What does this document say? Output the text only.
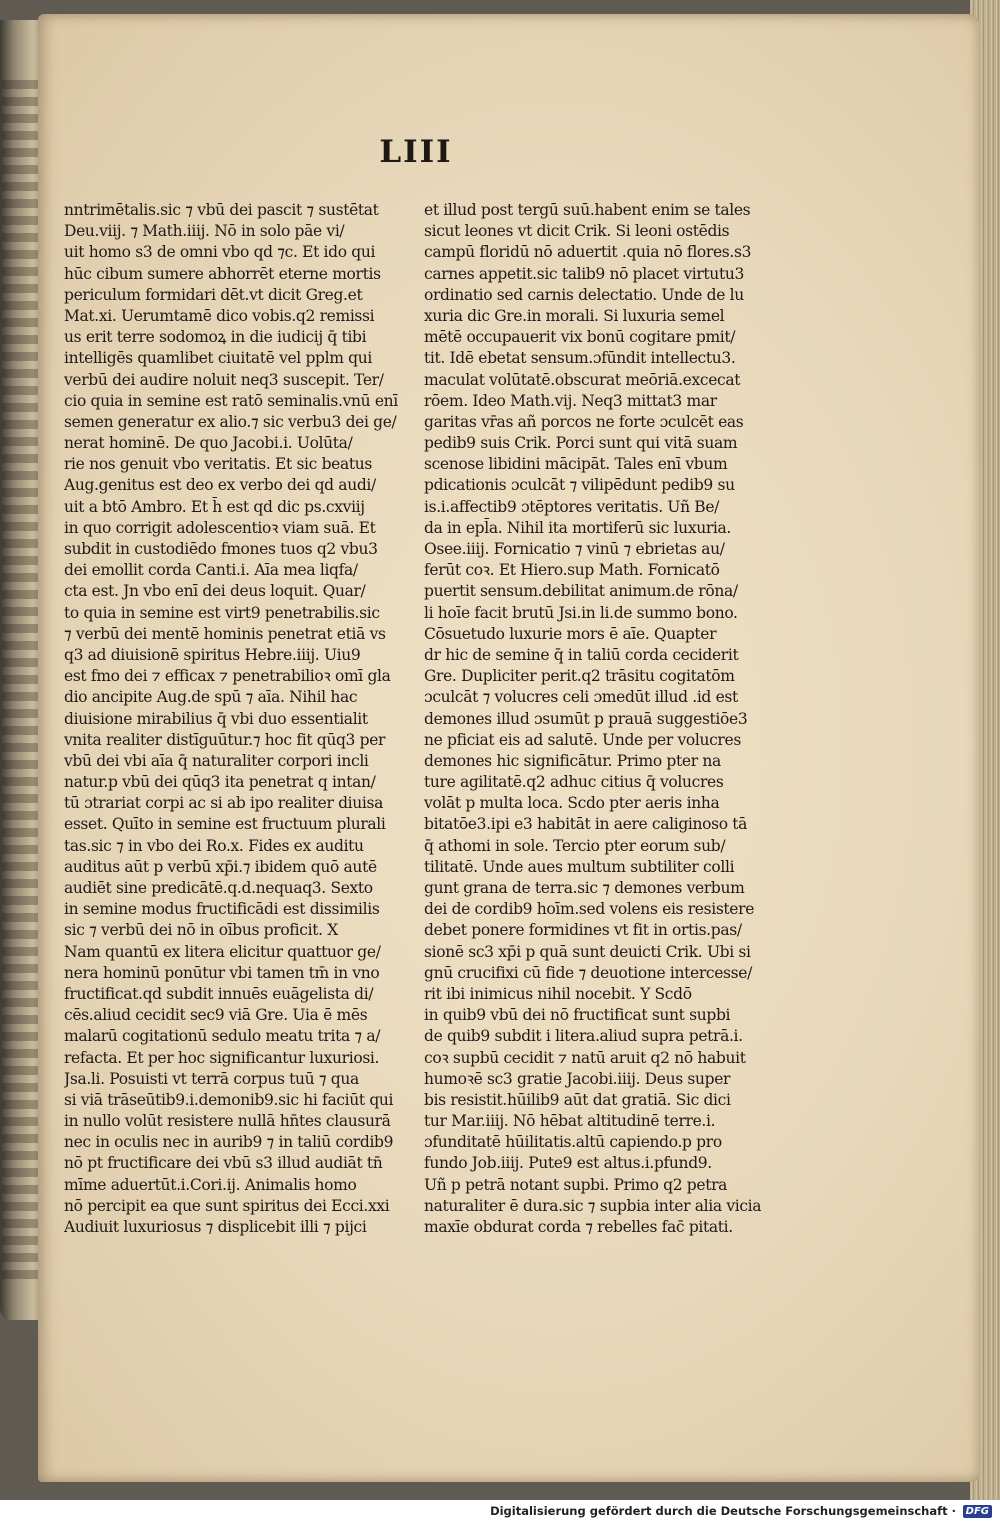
LIII
nntrimētalis.sic ⁊ vbū dei pascit ⁊ sustētat
Deu.viij. ⁊ Math.iiij. Nō in solo pāe vi/
uit homo s3 de omni vbo qd ⁊c. Et ido qui
hūc cibum sumere abhorrēt eterne mortis
periculum formidari dēt.vt dicit Greg.et
Mat.xi. Uerumtamē dico vobis.q2 remissi
us erit terre sodomoꝝ in die iudicij q̄ tibi
intelligēs quamlibet ciuitatē vel pplm qui
verbū dei audire noluit neq3 suscepit. Ter/
cio quia in semine est ratō seminalis.vnū enī
semen generatur ex alio.⁊ sic verbu3 dei ge/
nerat hominē. De quo Jacobi.i. Uolūta/
rie nos genuit vbo veritatis. Et sic beatus
Aug.genitus est deo ex verbo dei qd audi/
uit a btō Ambro. Et h̄ est qd dic ps.cxviij
in quo corrigit adolescentioꝛ viam suā. Et
subdit in custodiēdo fmones tuos q2 vbu3
dei emollit corda Canti.i. Aīa mea liqfa/
cta est. Jn vbo enī dei deus loquit. Quar/
to quia in semine est virt9 penetrabilis.sic
⁊ verbū dei mentē hominis penetrat etiā vs
q3 ad diuisionē spiritus Hebre.iiij. Uiu9
est fmo dei ⁊ efficax ⁊ penetrabilioꝛ omī gla
dio ancipite Aug.de spū ⁊ aīa. Nihil hac
diuisione mirabilius q̄ vbi duo essentialit
vnita realiter distīguūtur.⁊ hoc fit qūq3 per
vbū dei vbi aīa q̄ naturaliter corpori incli
natur.p vbū dei qūq3 ita penetrat q intan/
tū ɔtrariat corpi ac si ab ipo realiter diuisa
esset. Quīto in semine est fructuum plurali
tas.sic ⁊ in vbo dei Ro.x. Fides ex auditu
auditus aūt p verbū xp̄i.⁊ ibidem quō autē
audiēt sine predicātē.q.d.nequaq3. Sexto
in semine modus fructificādi est dissimilis
sic ⁊ verbū dei nō in oībus proficit. X
Nam quantū ex litera elicitur quattuor ge/
nera hominū ponūtur vbi tamen tm̄ in vno
fructificat.qd subdit innuēs euāgelista di/
cēs.aliud cecidit sec9 viā Gre. Uia ē mēs
malarū cogitationū sedulo meatu trita ⁊ a/
refacta. Et per hoc significantur luxuriosi.
Jsa.li. Posuisti vt terrā corpus tuū ⁊ qua
si viā trāseūtib9.i.demonib9.sic hi faciūt qui
in nullo volūt resistere nullā hn̄tes clausurā
nec in oculis nec in aurib9 ⁊ in taliū cordib9
nō pt fructificare dei vbū s3 illud audiāt tn̄
mīme aduertūt.i.Cori.ij. Animalis homo
nō percipit ea que sunt spiritus dei Ecci.xxi
Audiuit luxuriosus ⁊ displicebit illi ⁊ pijci
et illud post tergū suū.habent enim se tales
sicut leones vt dicit Crik. Si leoni ostēdis
campū floridū nō aduertit .quia nō flores.s3
carnes appetit.sic talib9 nō placet virtutu3
ordinatio sed carnis delectatio. Unde de lu
xuria dic Gre.in morali. Si luxuria semel
mētē occupauerit vix bonū cogitare pmit/
tit. Idē ebetat sensum.ɔfūndit intellectu3.
maculat volūtatē.obscurat meōriā.excecat
rōem. Ideo Math.vij. Neq3 mittat3 mar
garitas vr̄as añ porcos ne forte ɔculcēt eas
pedib9 suis Crik. Porci sunt qui vitā suam
scenose libidini mācipāt. Tales enī vbum
pdicationis ɔculcāt ⁊ vilipēdunt pedib9 su
is.i.affectib9 ɔtēptores veritatis. Uñ Be/
da in epl̄a. Nihil ita mortiferū sic luxuria.
Osee.iiij. Fornicatio ⁊ vinū ⁊ ebrietas au/
ferūt coꝛ. Et Hiero.sup Math. Fornicatō
puertit sensum.debilitat animum.de rōna/
li hoīe facit brutū Jsi.in li.de summo bono.
Cōsuetudo luxurie mors ē aīe. Quapter
dr hic de semine q̄ in taliū corda ceciderit
Gre. Dupliciter perit.q2 trāsitu cogitatōm
ɔculcāt ⁊ volucres celi ɔmedūt illud .id est
demones illud ɔsumūt p prauā suggestiōe3
ne pficiat eis ad salutē. Unde per volucres
demones hic significātur. Primo pter na
ture agilitatē.q2 adhuc citius q̄ volucres
volāt p multa loca. Scdo pter aeris inha
bitatōe3.ipi e3 habitāt in aere caliginoso tā
q̄ athomi in sole. Tercio pter eorum sub/
tilitatē. Unde aues multum subtiliter colli
gunt grana de terra.sic ⁊ demones verbum
dei de cordib9 hoīm.sed volens eis resistere
debet ponere formidines vt fit in ortis.pas/
sionē sc3 xp̄i p quā sunt deuicti Crik. Ubi si
gnū crucifixi cū fide ⁊ deuotione intercesse/
rit ibi inimicus nihil nocebit. Y Scdō
in quib9 vbū dei nō fructificat sunt supbi
de quib9 subdit i litera.aliud supra petrā.i.
coꝛ supbū cecidit ⁊ natū aruit q2 nō habuit
humoꝛē sc3 gratie Jacobi.iiij. Deus super
bis resistit.hūilib9 aūt dat gratiā. Sic dici
tur Mar.iiij. Nō hēbat altitudinē terre.i.
ɔfunditatē hūilitatis.altū capiendo.p pro
fundo Job.iiij. Pute9 est altus.i.pfund9.
Uñ p petrā notant supbi. Primo q2 petra
naturaliter ē dura.sic ⁊ supbia inter alia vicia
maxīe obdurat corda ⁊ rebelles fac̄ pitati.
Digitalisierung gefördert durch die Deutsche Forschungsgemeinschaft · DFG
